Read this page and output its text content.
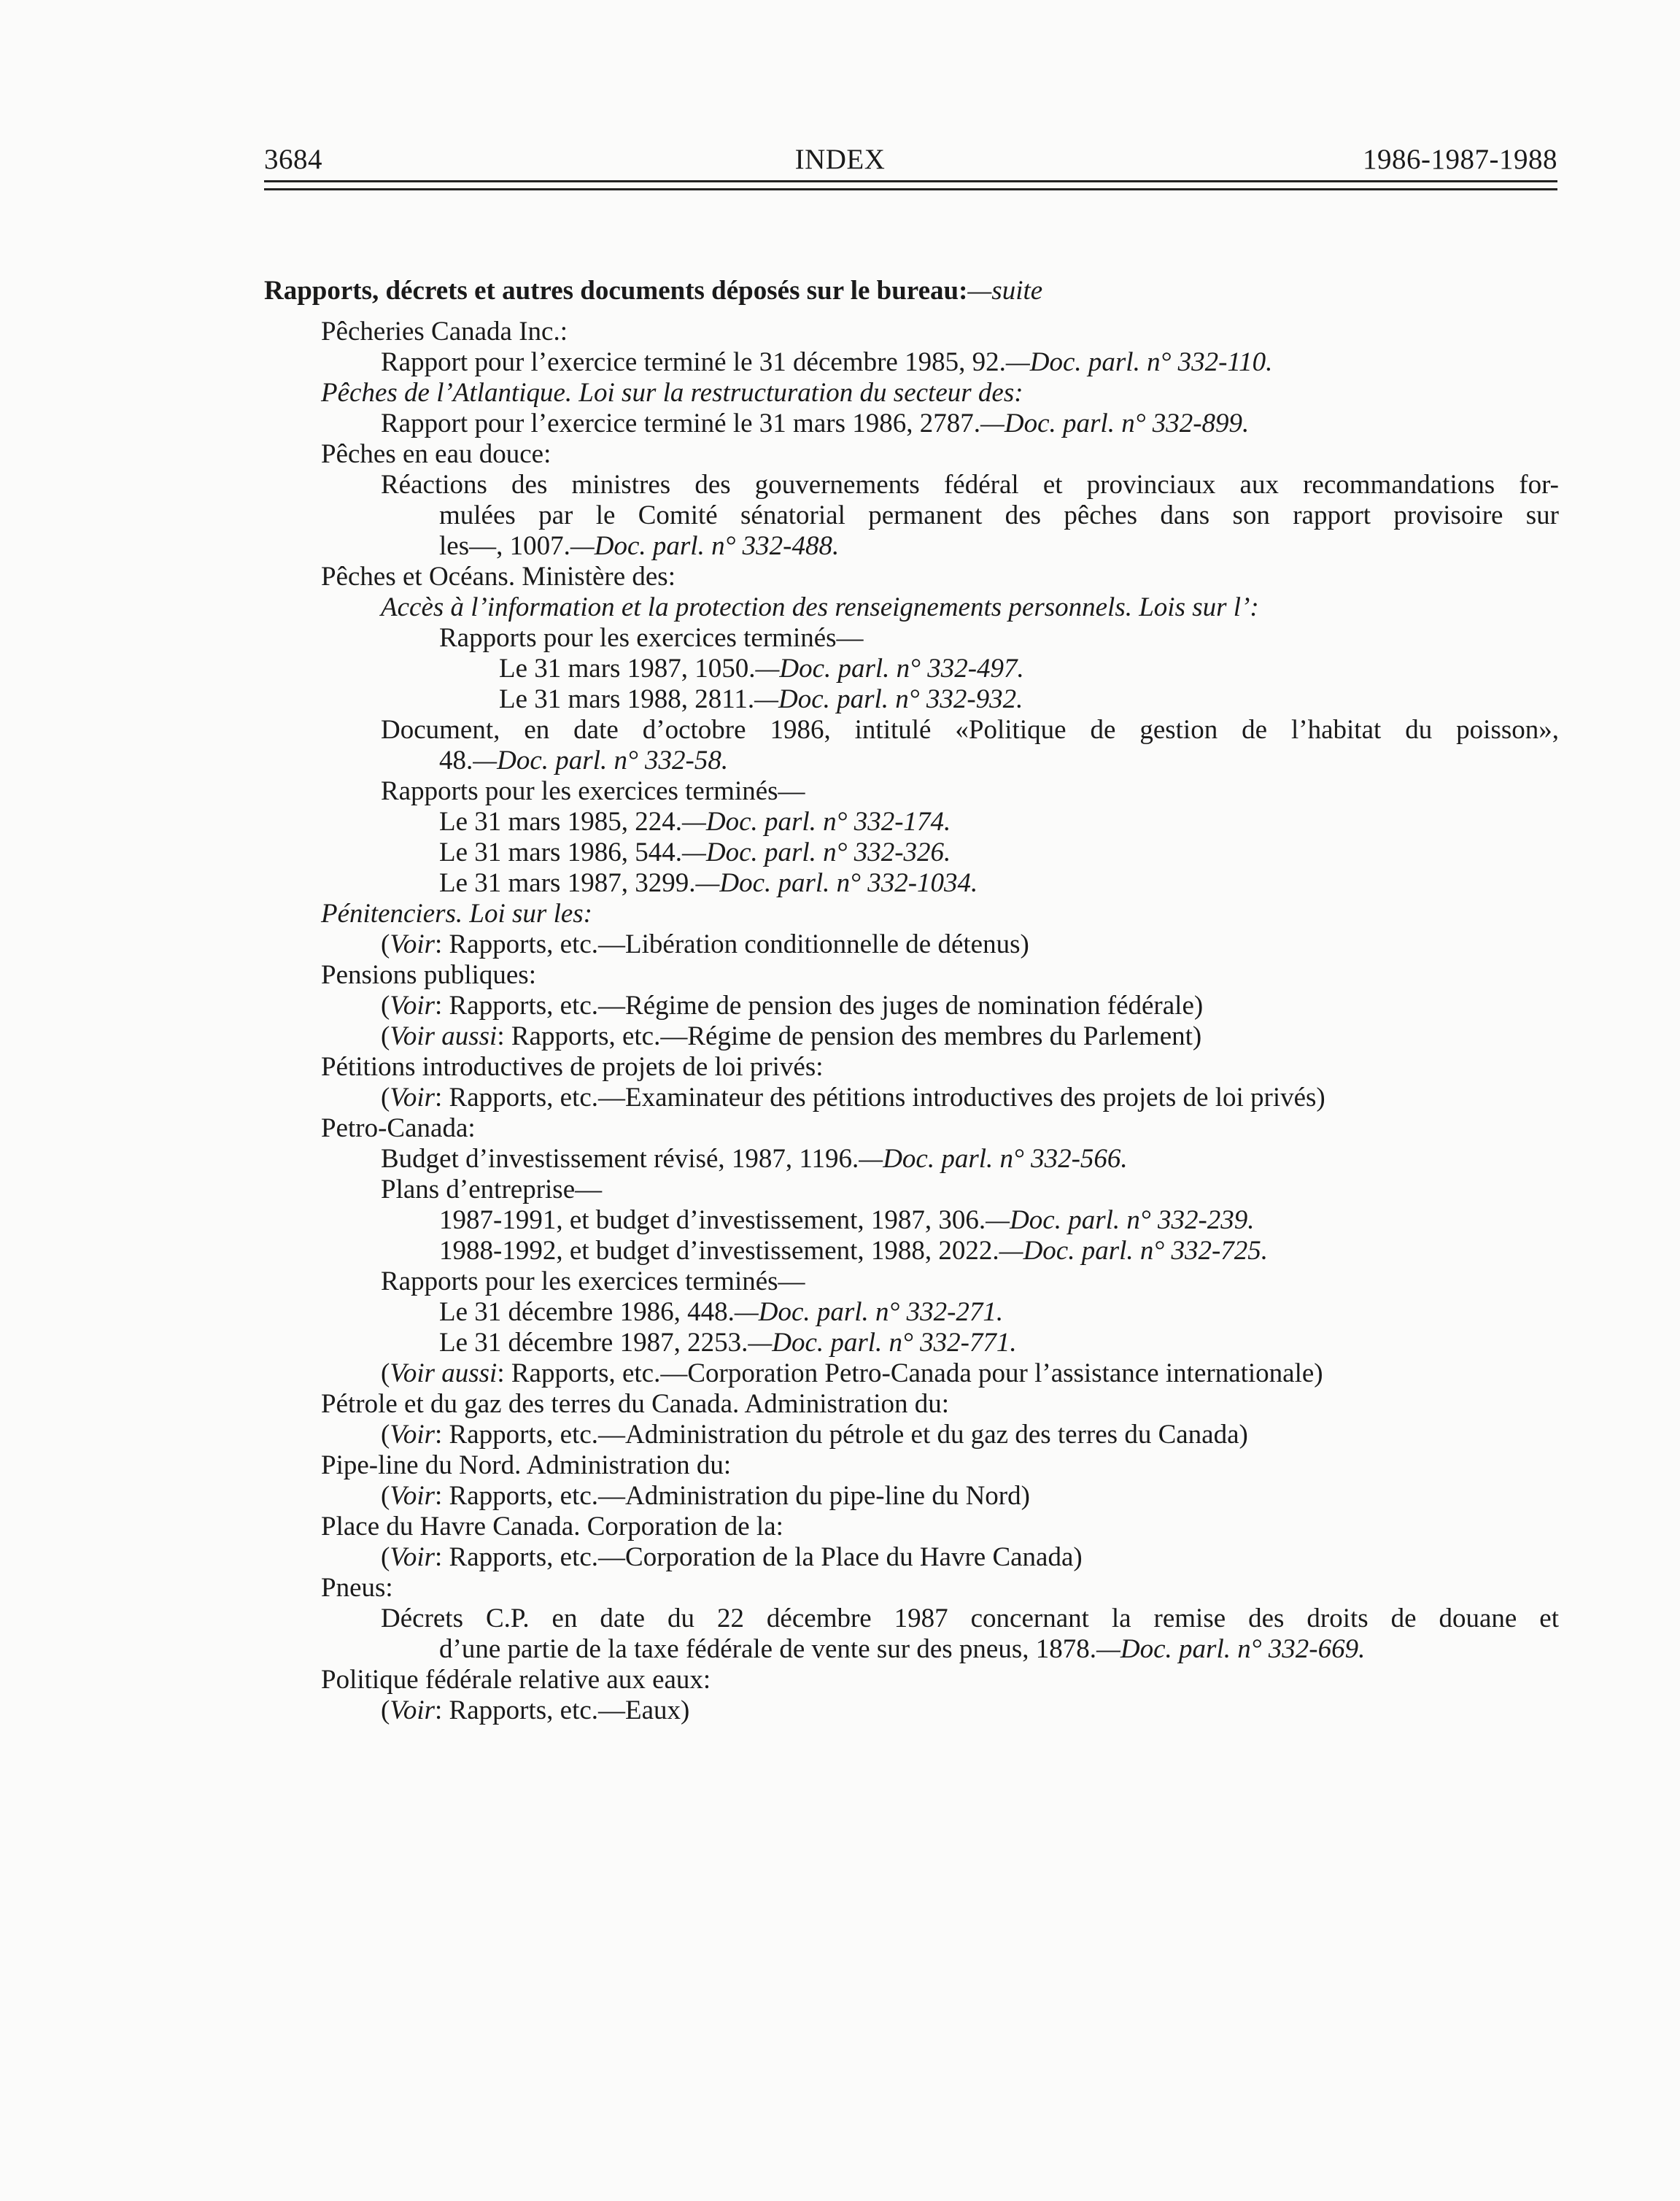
3684	INDEX	1986-1987-1988
Rapports, décrets et autres documents déposés sur le bureau:—suite
Pêcheries Canada Inc.:
Rapport pour l’exercice terminé le 31 décembre 1985, 92.—Doc. parl. n° 332-110.
Pêches de l’Atlantique. Loi sur la restructuration du secteur des:
Rapport pour l’exercice terminé le 31 mars 1986, 2787.—Doc. parl. n° 332-899.
Pêches en eau douce:
Réactions des ministres des gouvernements fédéral et provinciaux aux recommandations for-
mulées par le Comité sénatorial permanent des pêches dans son rapport provisoire sur
les—, 1007.—Doc. parl. n° 332-488.
Pêches et Océans. Ministère des:
Accès à l’information et la protection des renseignements personnels. Lois sur l’:
Rapports pour les exercices terminés—
Le 31 mars 1987, 1050.—Doc. parl. n° 332-497.
Le 31 mars 1988, 2811.—Doc. parl. n° 332-932.
Document, en date d’octobre 1986, intitulé «Politique de gestion de l’habitat du poisson»,
48.—Doc. parl. n° 332-58.
Rapports pour les exercices terminés—
Le 31 mars 1985, 224.—Doc. parl. n° 332-174.
Le 31 mars 1986, 544.—Doc. parl. n° 332-326.
Le 31 mars 1987, 3299.—Doc. parl. n° 332-1034.
Pénitenciers. Loi sur les:
(Voir: Rapports, etc.—Libération conditionnelle de détenus)
Pensions publiques:
(Voir: Rapports, etc.—Régime de pension des juges de nomination fédérale)
(Voir aussi: Rapports, etc.—Régime de pension des membres du Parlement)
Pétitions introductives de projets de loi privés:
(Voir: Rapports, etc.—Examinateur des pétitions introductives des projets de loi privés)
Petro-Canada:
Budget d’investissement révisé, 1987, 1196.—Doc. parl. n° 332-566.
Plans d’entreprise—
1987-1991, et budget d’investissement, 1987, 306.—Doc. parl. n° 332-239.
1988-1992, et budget d’investissement, 1988, 2022.—Doc. parl. n° 332-725.
Rapports pour les exercices terminés—
Le 31 décembre 1986, 448.—Doc. parl. n° 332-271.
Le 31 décembre 1987, 2253.—Doc. parl. n° 332-771.
(Voir aussi: Rapports, etc.—Corporation Petro-Canada pour l’assistance internationale)
Pétrole et du gaz des terres du Canada. Administration du:
(Voir: Rapports, etc.—Administration du pétrole et du gaz des terres du Canada)
Pipe-line du Nord. Administration du:
(Voir: Rapports, etc.—Administration du pipe-line du Nord)
Place du Havre Canada. Corporation de la:
(Voir: Rapports, etc.—Corporation de la Place du Havre Canada)
Pneus:
Décrets C.P. en date du 22 décembre 1987 concernant la remise des droits de douane et
d’une partie de la taxe fédérale de vente sur des pneus, 1878.—Doc. parl. n° 332-669.
Politique fédérale relative aux eaux:
(Voir: Rapports, etc.—Eaux)
